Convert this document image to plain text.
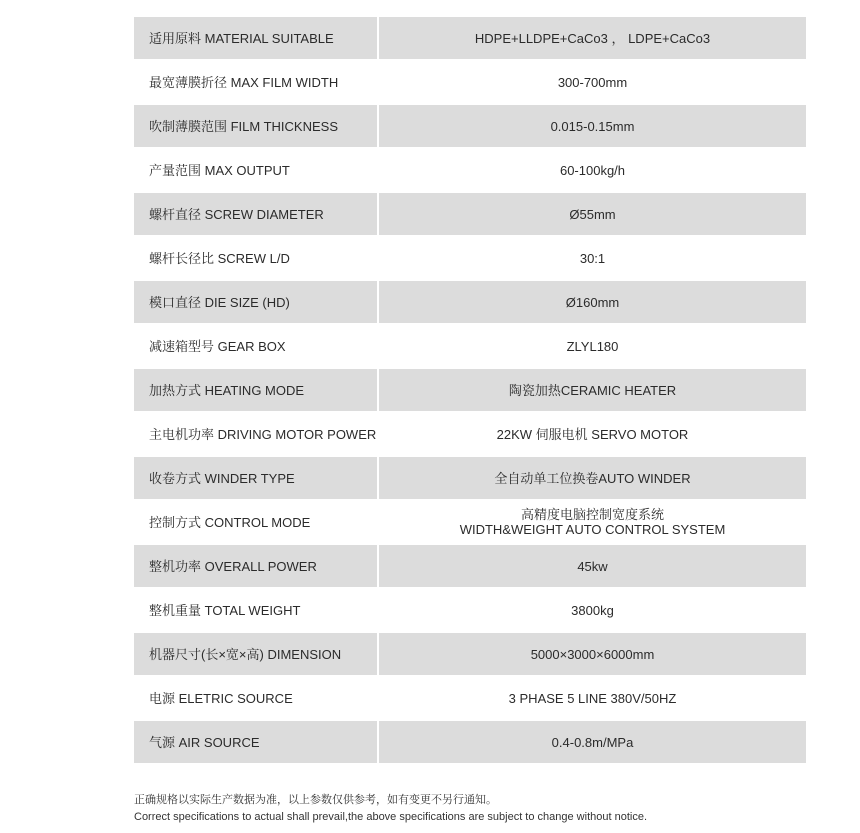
适用原料 MATERIAL SUITABLE	HDPE+LLDPE+CaCo3 ， LDPE+CaCo3
最宽薄膜折径 MAX FILM WIDTH	300-700mm
吹制薄膜范围 FILM THICKNESS	0.015-0.15mm
产量范围 MAX OUTPUT	60-100kg/h
螺杆直径 SCREW DIAMETER	Ø55mm
螺杆长径比 SCREW L/D	30:1
模口直径 DIE SIZE (HD)	Ø160mm
减速箱型号 GEAR BOX	ZLYL180
加热方式 HEATING MODE	陶瓷加热CERAMIC HEATER
主电机功率 DRIVING MOTOR POWER	22KW 伺服电机 SERVO MOTOR
收卷方式 WINDER TYPE	全自动单工位换卷AUTO WINDER
控制方式 CONTROL MODE	高精度电脑控制宽度系统
WIDTH&WEIGHT AUTO CONTROL SYSTEM
整机功率 OVERALL POWER	45kw
整机重量 TOTAL WEIGHT	3800kg
机器尺寸(长×宽×高) DIMENSION	5000×3000×6000mm
电源 ELETRIC SOURCE	3 PHASE 5 LINE 380V/50HZ
气源 AIR SOURCE	0.4-0.8m/MPa
正确规格以实际生产数据为准，以上参数仅供参考，如有变更不另行通知。
Correct specifications to actual shall prevail,the above specifications are subject to change without notice.
